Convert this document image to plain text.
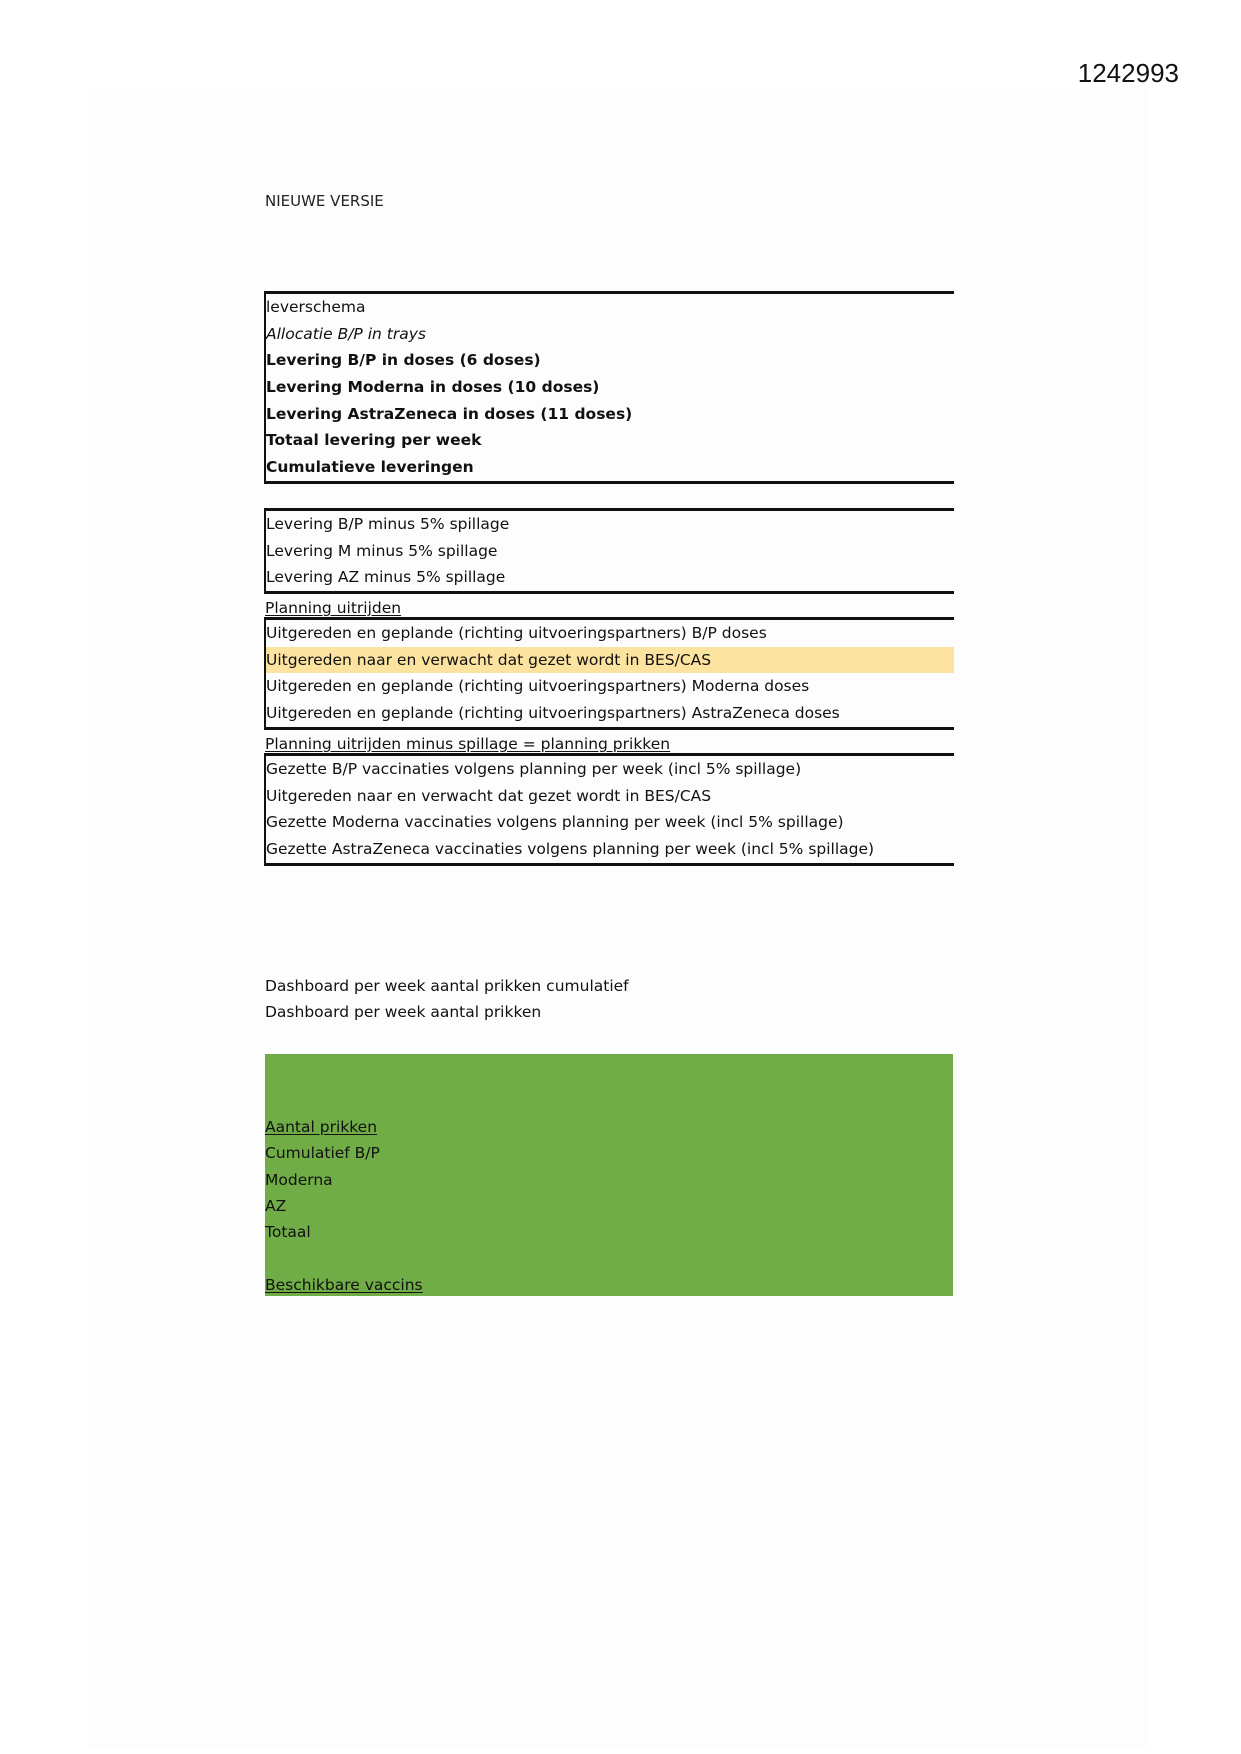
1242993
NIEUWE VERSIE
leverschema
Allocatie B/P in trays
Levering B/P in doses (6 doses)
Levering Moderna in doses (10 doses)
Levering AstraZeneca in doses (11 doses)
Totaal levering per week
Cumulatieve leveringen
Levering B/P minus 5% spillage
Levering M minus 5% spillage
Levering AZ minus 5% spillage
Planning uitrijden
Uitgereden en geplande (richting uitvoeringspartners) B/P doses
Uitgereden naar en verwacht dat gezet wordt in BES/CAS
Uitgereden en geplande (richting uitvoeringspartners) Moderna doses
Uitgereden en geplande (richting uitvoeringspartners) AstraZeneca doses
Planning uitrijden minus spillage = planning prikken
Gezette B/P vaccinaties volgens planning per week (incl 5% spillage)
Uitgereden naar en verwacht dat gezet wordt in BES/CAS
Gezette Moderna vaccinaties volgens planning per week (incl 5% spillage)
Gezette AstraZeneca vaccinaties volgens planning per week (incl 5% spillage)
Dashboard per week aantal prikken cumulatief
Dashboard per week aantal prikken
Aantal prikken
Cumulatief B/P
Moderna
AZ
Totaal
Beschikbare vaccins
